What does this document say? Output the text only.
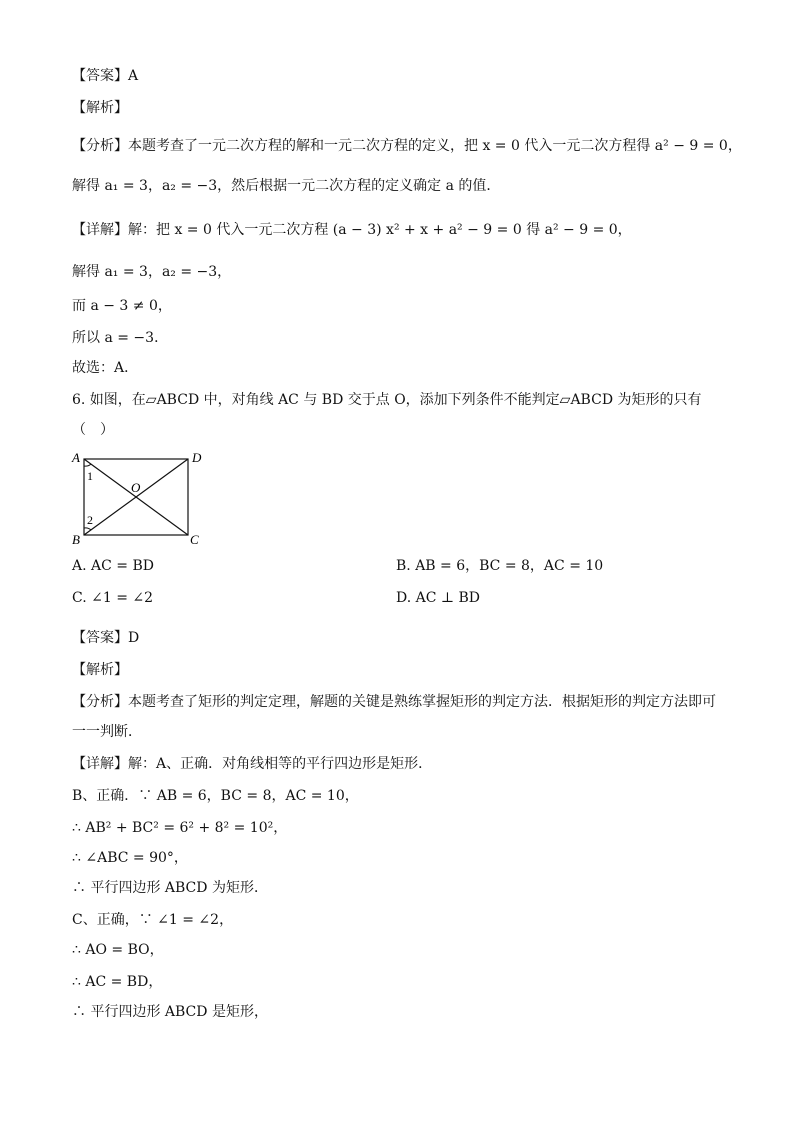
【答案】A
【解析】
【分析】本题考查了一元二次方程的解和一元二次方程的定义，把 x = 0 代入一元二次方程得 a² − 9 = 0，
解得 a₁ = 3，a₂ = −3，然后根据一元二次方程的定义确定 a 的值．
【详解】解：把 x = 0 代入一元二次方程 (a − 3) x² + x + a² − 9 = 0 得 a² − 9 = 0，
解得 a₁ = 3，a₂ = −3，
而 a − 3 ≠ 0，
所以 a = −3．
故选：A．
6. 如图，在▱ABCD 中，对角线 AC 与 BD 交于点 O，添加下列条件不能判定▱ABCD 为矩形的只有
（　）
A	D
B	C
O
1
2
A. AC = BD	B. AB = 6，BC = 8，AC = 10
C. ∠1 = ∠2	D. AC ⊥ BD
【答案】D
【解析】
【分析】本题考查了矩形的判定定理，解题的关键是熟练掌握矩形的判定方法．根据矩形的判定方法即可
一一判断．
【详解】解：A、正确．对角线相等的平行四边形是矩形．
B、正确．∵ AB = 6，BC = 8，AC = 10，
∴ AB² + BC² = 6² + 8² = 10²，
∴ ∠ABC = 90°，
∴ 平行四边形 ABCD 为矩形．
C、正确，∵ ∠1 = ∠2，
∴ AO = BO，
∴ AC = BD，
∴ 平行四边形 ABCD 是矩形，
